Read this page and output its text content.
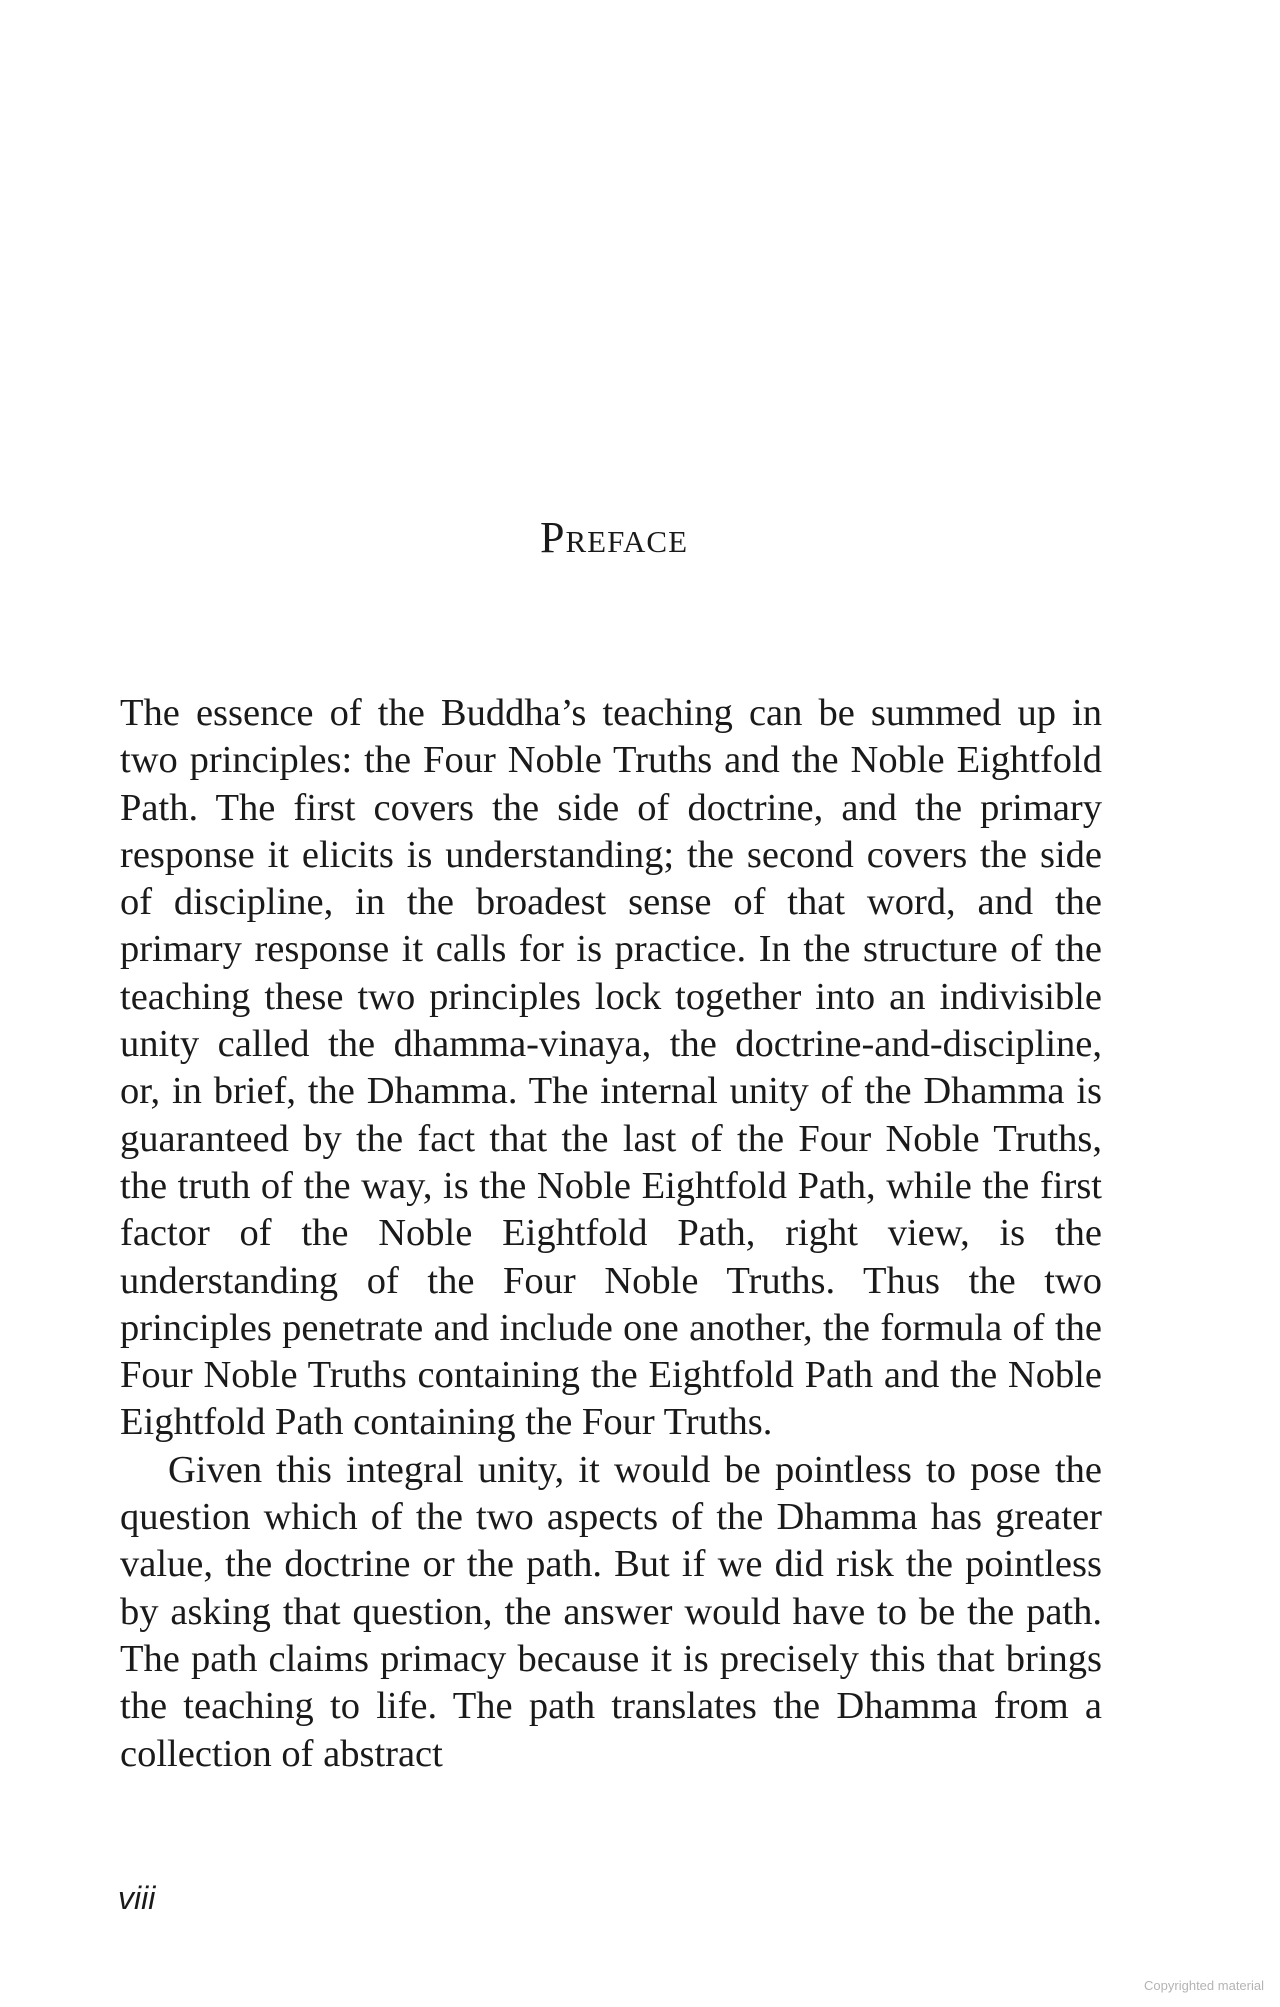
Preface

The essence of the Buddha’s teaching can be summed up in two principles: the Four Noble Truths and the Noble Eightfold Path. The first covers the side of doctrine, and the primary response it elicits is understanding; the second covers the side of discipline, in the broadest sense of that word, and the primary response it calls for is practice. In the structure of the teaching these two principles lock together into an indivisible unity called the dhamma-vinaya, the doctrine-and-discipline, or, in brief, the Dhamma. The internal unity of the Dhamma is guaranteed by the fact that the last of the Four Noble Truths, the truth of the way, is the Noble Eightfold Path, while the first factor of the Noble Eightfold Path, right view, is the understanding of the Four Noble Truths. Thus the two principles penetrate and include one another, the formula of the Four Noble Truths containing the Eightfold Path and the Noble Eightfold Path containing the Four Truths.

Given this integral unity, it would be pointless to pose the question which of the two aspects of the Dhamma has greater value, the doctrine or the path. But if we did risk the pointless by asking that question, the answer would have to be the path. The path claims primacy because it is precisely this that brings the teaching to life. The path translates the Dhamma from a collection of abstract

viii
Copyrighted material
